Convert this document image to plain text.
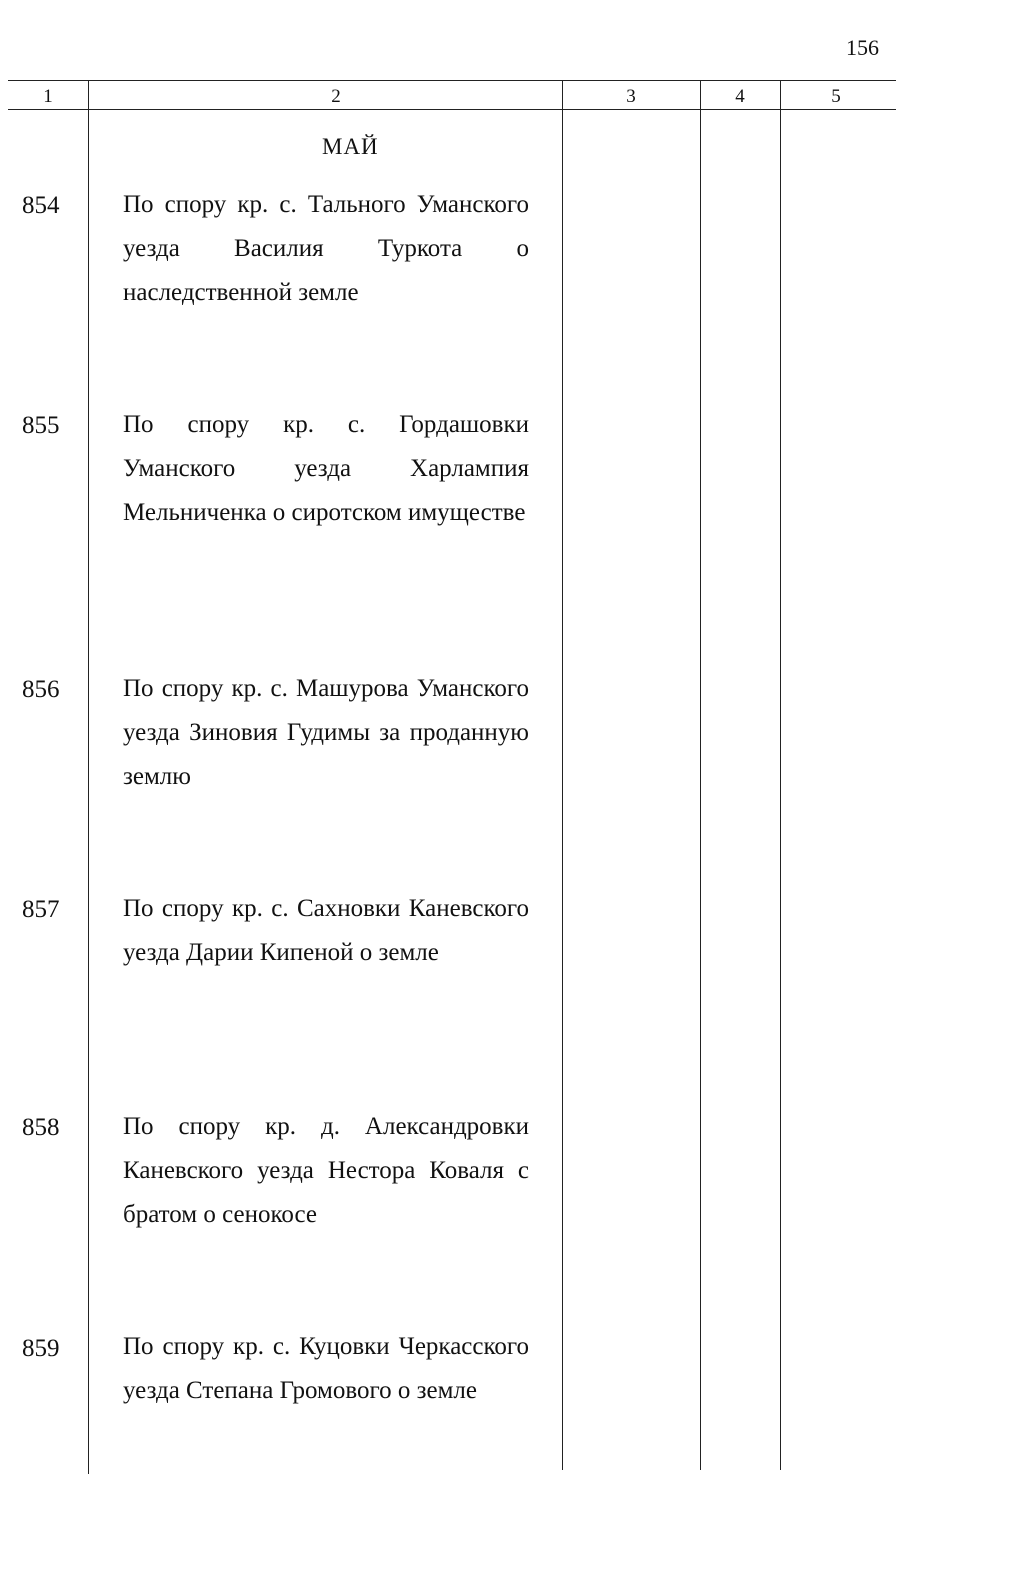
156
1	2	3	4	5
МАЙ
854	По спору кр. с. Тального Уманского уезда Василия Туркота о наследственной земле
855	По спору кр. с. Гордашовки Уманского уезда Харлампия Мельниченка о сиротском имуществе
856	По спору кр. с. Машурова Уманского уезда Зиновия Гудимы за проданную землю
857	По спору кр. с. Сахновки Каневского уезда Дарии Кипеной о земле
858	По спору кр. д. Александровки Каневского уезда Нестора Коваля с братом о сенокосе
859	По спору кр. с. Куцовки Черкасского уезда Степана Громового о земле
